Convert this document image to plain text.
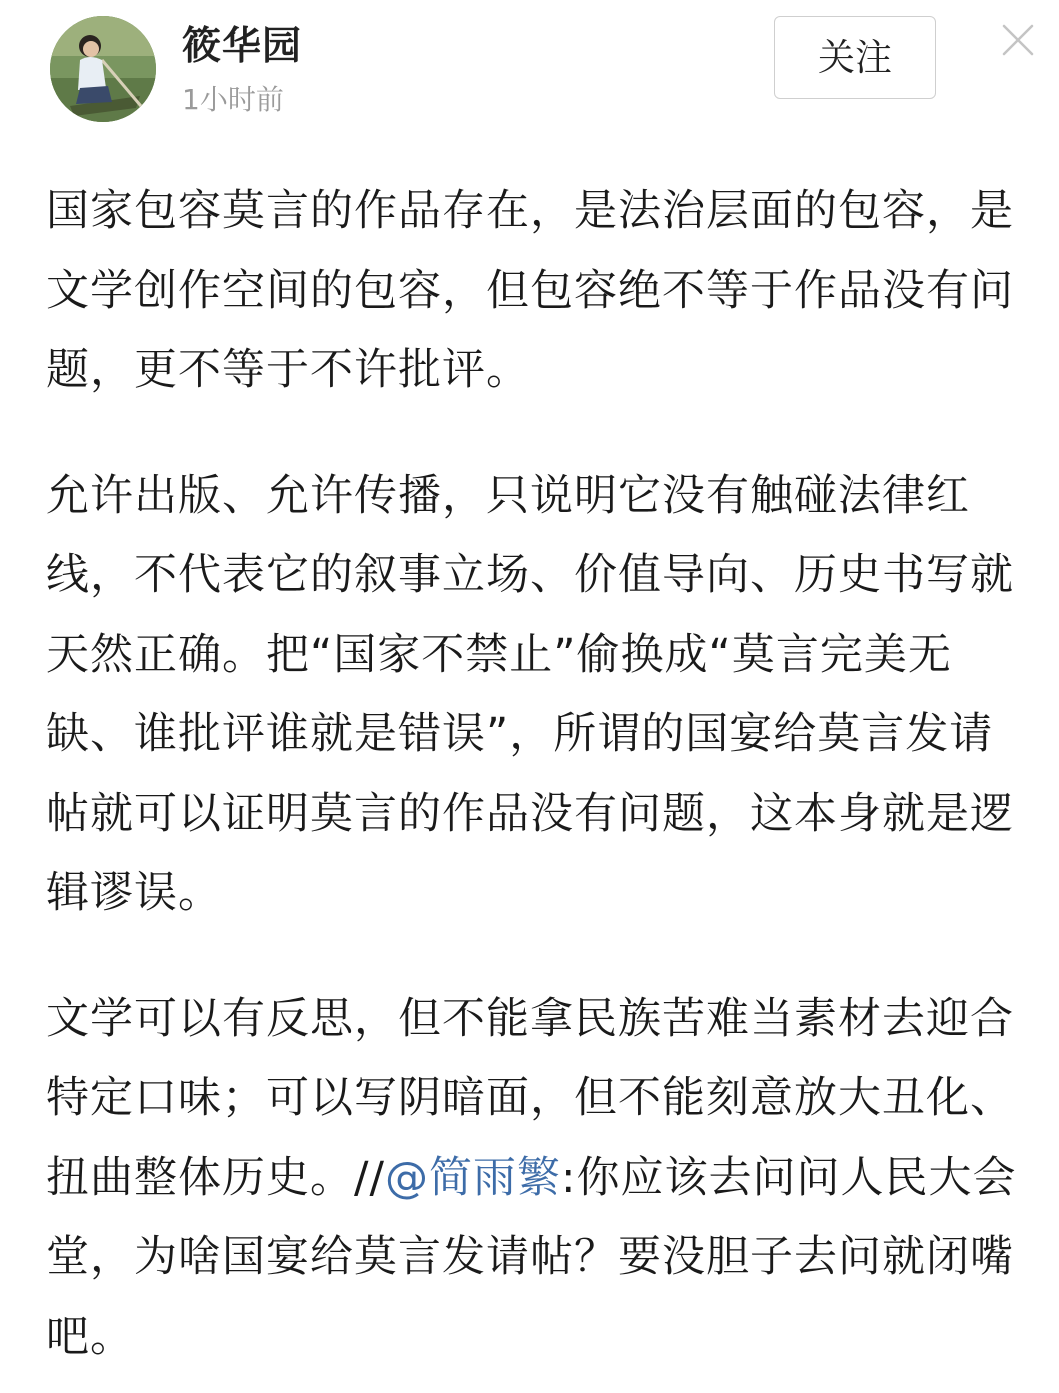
筱华园
1小时前
关注

国家包容莫言的作品存在，是法治层面的包容，是文学创作空间的包容，但包容绝不等于作品没有问题，更不等于不许批评。

允许出版、允许传播，只说明它没有触碰法律红线，不代表它的叙事立场、价值导向、历史书写就天然正确。把“国家不禁止”偷换成“莫言完美无缺、谁批评谁就是错误”，所谓的国宴给莫言发请帖就可以证明莫言的作品没有问题，这本身就是逻辑谬误。

文学可以有反思，但不能拿民族苦难当素材去迎合特定口味；可以写阴暗面，但不能刻意放大丑化、扭曲整体历史。//@简雨繁:你应该去问问人民大会堂，为啥国宴给莫言发请帖？要没胆子去问就闭嘴吧。
